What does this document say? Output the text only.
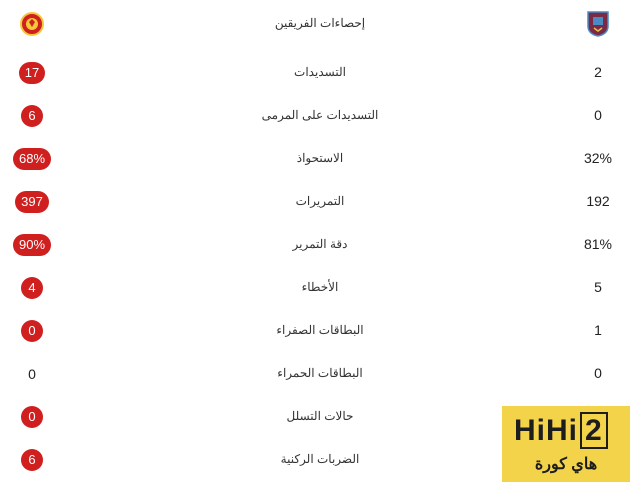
إحصاءات الفريقين
17	التسديدات	2
6	التسديدات على المرمى	0
68%	الاستحواذ	32%
397	التمريرات	192
90%	دقة التمرير	81%
4	الأخطاء	5
0	البطاقات الصفراء	1
0	البطاقات الحمراء	0
0	حالات التسلل
6	الضربات الركنية
HiHi 2
هاي كورة
